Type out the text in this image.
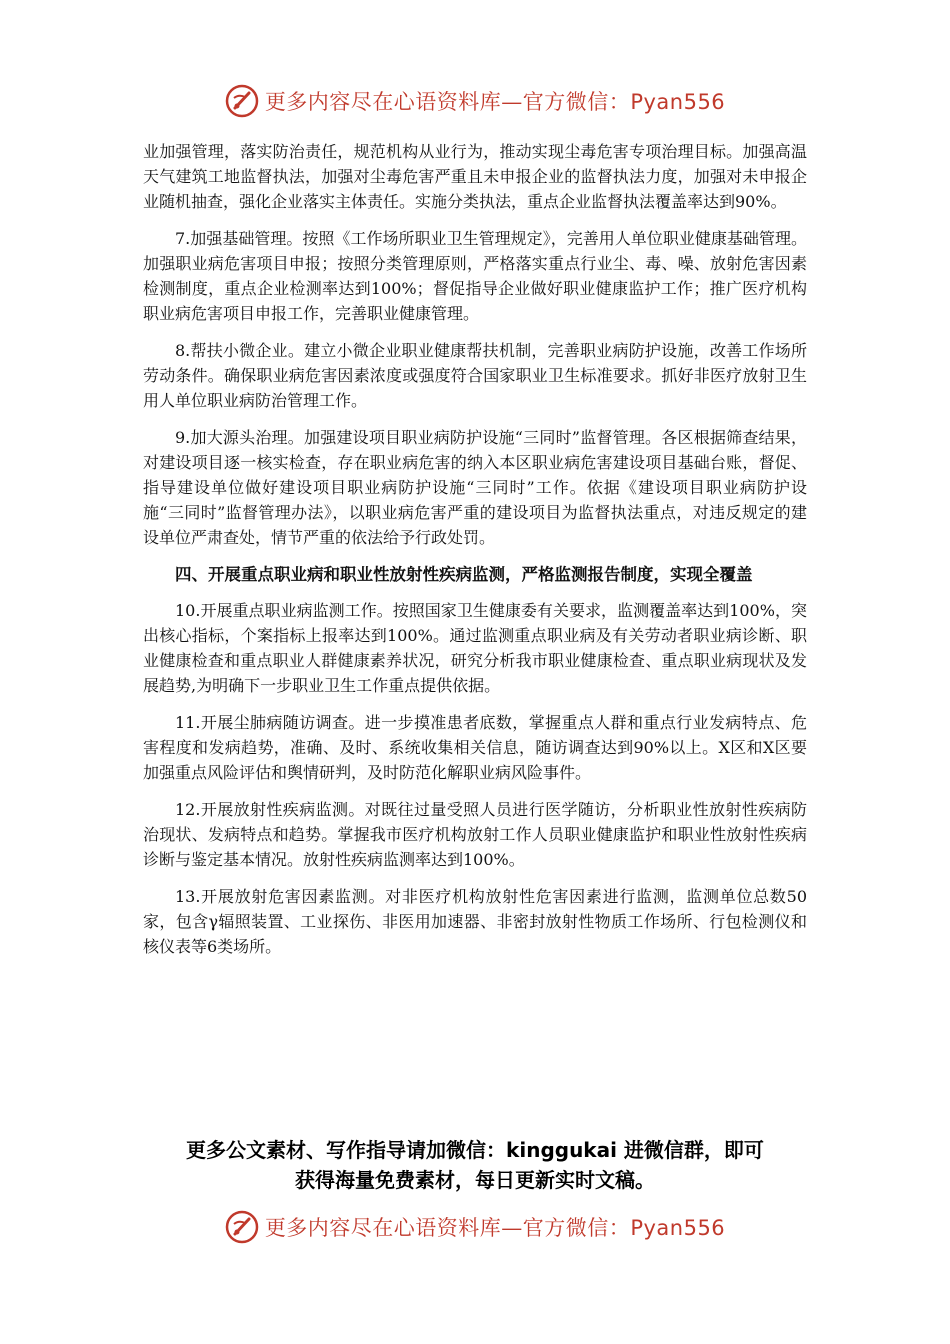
更多内容尽在心语资料库—官方微信：Pyan556

业加强管理，落实防治责任，规范机构从业行为，推动实现尘毒危害专项治理目标。加强高温天气建筑工地监督执法，加强对尘毒危害严重且未申报企业的监督执法力度，加强对未申报企业随机抽查，强化企业落实主体责任。实施分类执法，重点企业监督执法覆盖率达到90%。

7.加强基础管理。按照《工作场所职业卫生管理规定》，完善用人单位职业健康基础管理。加强职业病危害项目申报；按照分类管理原则，严格落实重点行业尘、毒、噪、放射危害因素检测制度，重点企业检测率达到100%；督促指导企业做好职业健康监护工作；推广医疗机构职业病危害项目申报工作，完善职业健康管理。

8.帮扶小微企业。建立小微企业职业健康帮扶机制，完善职业病防护设施，改善工作场所劳动条件。确保职业病危害因素浓度或强度符合国家职业卫生标准要求。抓好非医疗放射卫生用人单位职业病防治管理工作。

9.加大源头治理。加强建设项目职业病防护设施“三同时”监督管理。各区根据筛查结果，对建设项目逐一核实检查，存在职业病危害的纳入本区职业病危害建设项目基础台账，督促、指导建设单位做好建设项目职业病防护设施“三同时”工作。依据《建设项目职业病防护设施“三同时”监督管理办法》，以职业病危害严重的建设项目为监督执法重点，对违反规定的建设单位严肃查处，情节严重的依法给予行政处罚。

四、开展重点职业病和职业性放射性疾病监测，严格监测报告制度，实现全覆盖

10.开展重点职业病监测工作。按照国家卫生健康委有关要求，监测覆盖率达到100%，突出核心指标，个案指标上报率达到100%。通过监测重点职业病及有关劳动者职业病诊断、职业健康检查和重点职业人群健康素养状况，研究分析我市职业健康检查、重点职业病现状及发展趋势,为明确下一步职业卫生工作重点提供依据。

11.开展尘肺病随访调查。进一步摸准患者底数，掌握重点人群和重点行业发病特点、危害程度和发病趋势，准确、及时、系统收集相关信息，随访调查达到90%以上。X区和X区要加强重点风险评估和舆情研判，及时防范化解职业病风险事件。

12.开展放射性疾病监测。对既往过量受照人员进行医学随访，分析职业性放射性疾病防治现状、发病特点和趋势。掌握我市医疗机构放射工作人员职业健康监护和职业性放射性疾病诊断与鉴定基本情况。放射性疾病监测率达到100%。

13.开展放射危害因素监测。对非医疗机构放射性危害因素进行监测，监测单位总数50家，包含γ辐照装置、工业探伤、非医用加速器、非密封放射性物质工作场所、行包检测仪和核仪表等6类场所。

更多公文素材、写作指导请加微信：kinggukai 进微信群，即可
获得海量免费素材，每日更新实时文稿。
更多内容尽在心语资料库—官方微信：Pyan556
